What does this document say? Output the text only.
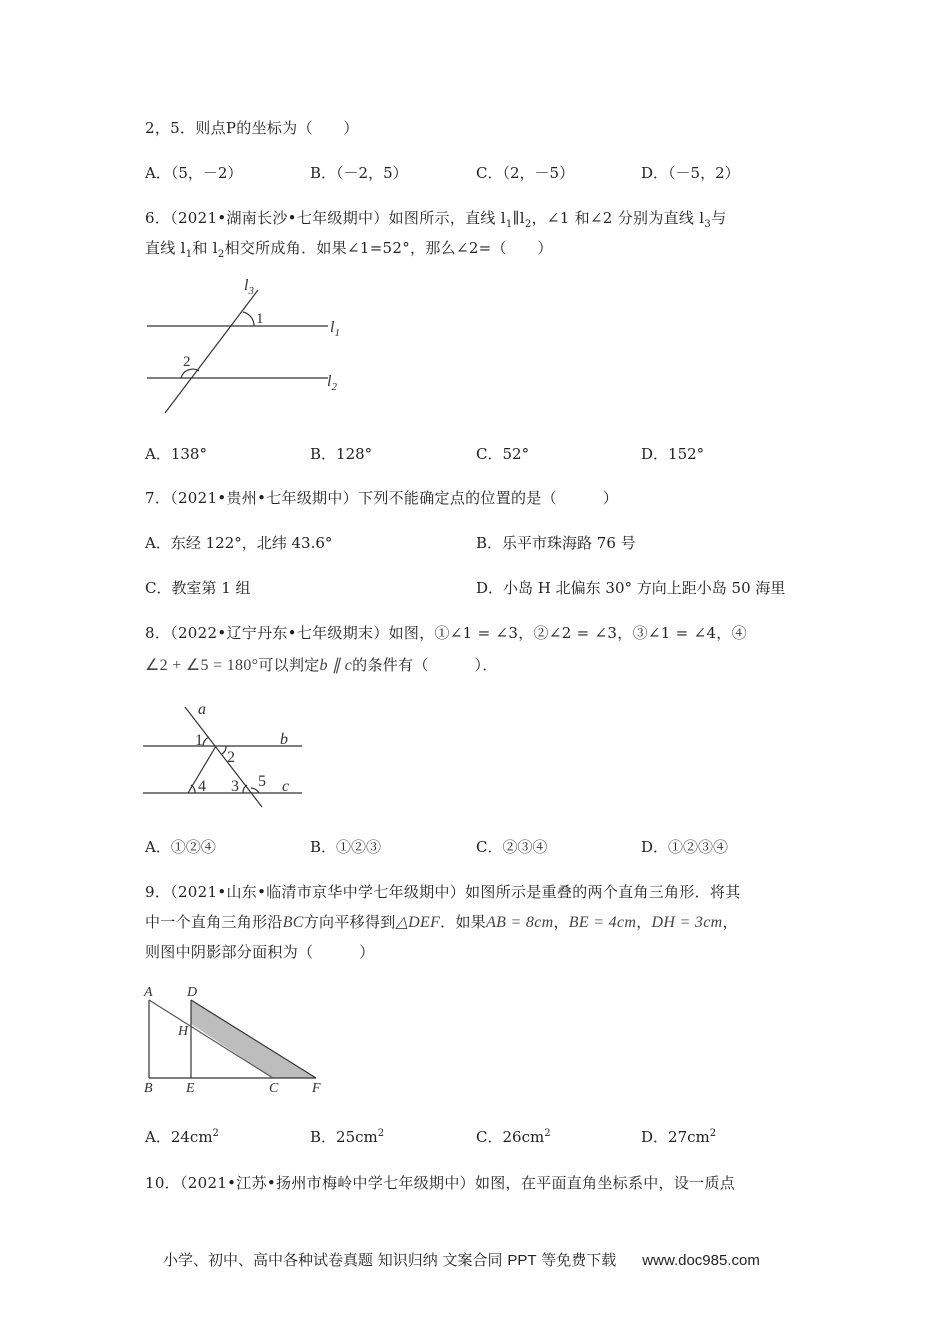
2，5．则点P的坐标为（　　）
A．（5，－2）	B．（－2，5）	C．（2，－5）	D．（－5，2）
6．（2021•湖南长沙•七年级期中）如图所示，直线 $l_1\parallel l_2$，∠1 和∠2 分别为直线 $l_3$与
直线 $l_1$和 $l_2$相交所成角．如果∠1=52°，那么∠2=（　　）
$l_3$
1	$l_1$
2
$l_2$
A．138°	B．128°	C．52°	D．152°
7．（2021•贵州•七年级期中）下列不能确定点的位置的是（　　　）
A．东经 122°，北纬 43.6°	B．乐平市珠海路 76 号
C．教室第 1 组	D．小岛 H 北偏东 30° 方向上距小岛 50 海里
8．（2022•辽宁丹东•七年级期末）如图，①∠1 = ∠3，②∠2 = ∠3，③∠1 = ∠4，④
∠2 + ∠5 = 180°可以判定b ∥ c的条件有（　　　）．
a
1
2
b
4 3 5 c
A．①②④	B．①②③	C．②③④	D．①②③④
9．（2021•山东•临清市京华中学七年级期中）如图所示是重叠的两个直角三角形．将其
中一个直角三角形沿BC方向平移得到△DEF．如果AB = 8cm，BE = 4cm，DH = 3cm，
则图中阴影部分面积为（　　　）
A D
H
B E	C F
A．$24cm^2$	B．$25cm^2$	C．$26cm^2$	D．$27cm^2$
10．（2021•江苏•扬州市梅岭中学七年级期中）如图，在平面直角坐标系中，设一质点
小学、初中、高中各种试卷真题 知识归纳 文案合同 PPT 等免费下载 www.doc985.com
